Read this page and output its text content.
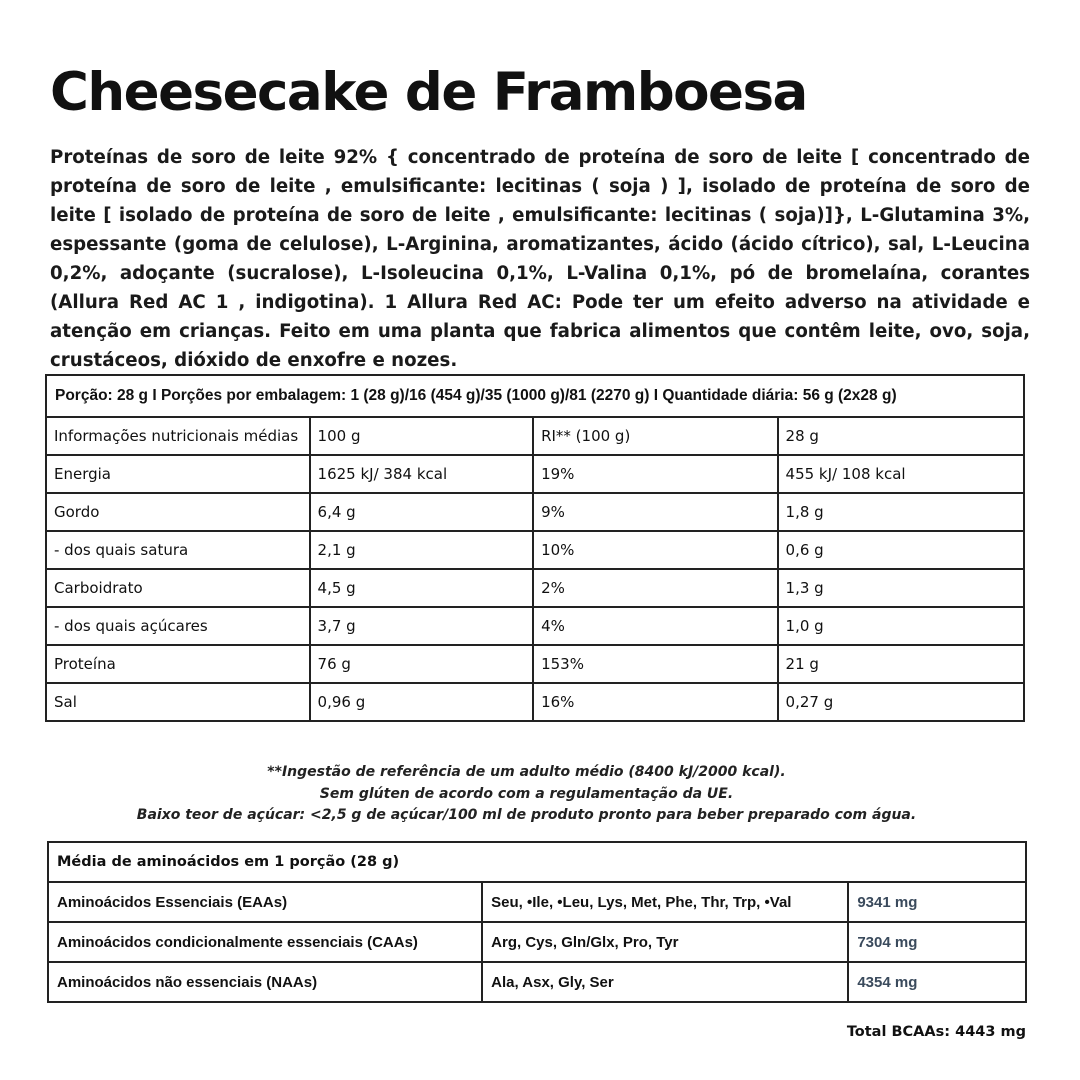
Cheesecake de Framboesa

Proteínas de soro de leite 92% { concentrado de proteína de soro de leite [ concentrado de proteína de soro de leite , emulsificante: lecitinas ( soja ) ], isolado de proteína de soro de leite [ isolado de proteína de soro de leite , emulsificante: lecitinas ( soja)]}, L-Glutamina 3%, espessante (goma de celulose), L-Arginina, aromatizantes, ácido (ácido cítrico), sal, L-Leucina 0,2%, adoçante (sucralose), L-Isoleucina 0,1%, L-Valina 0,1%, pó de bromelaína, corantes (Allura Red AC 1 , indigotina). 1 Allura Red AC: Pode ter um efeito adverso na atividade e atenção em crianças. Feito em uma planta que fabrica alimentos que contêm leite, ovo, soja, crustáceos, dióxido de enxofre e nozes.

Porção: 28 g I Porções por embalagem: 1 (28 g)/16 (454 g)/35 (1000 g)/81 (2270 g) I Quantidade diária: 56 g (2x28 g)			
Informações nutricionais médias	100 g	RI** (100 g)	28 g
Energia	1625 kJ/ 384 kcal	19%	455 kJ/ 108 kcal
Gordo	6,4 g	9%	1,8 g
- dos quais satura	2,1 g	10%	0,6 g
Carboidrato	4,5 g	2%	1,3 g
- dos quais açúcares	3,7 g	4%	1,0 g
Proteína	76 g	153%	21 g
Sal	0,96 g	16%	0,27 g
**Ingestão de referência de um adulto médio (8400 kJ/2000 kcal).
Sem glúten de acordo com a regulamentação da UE.
Baixo teor de açúcar: <2,5 g de açúcar/100 ml de produto pronto para beber preparado com água.
Média de aminoácidos em 1 porção (28 g)		
Aminoácidos Essenciais (EAAs)	Seu, •Ile, •Leu, Lys, Met, Phe, Thr, Trp, •Val	9341 mg
Aminoácidos condicionalmente essenciais (CAAs)	Arg, Cys, Gln/Glx, Pro, Tyr	7304 mg
Aminoácidos não essenciais (NAAs)	Ala, Asx, Gly, Ser	4354 mg
Total BCAAs: 4443 mg
